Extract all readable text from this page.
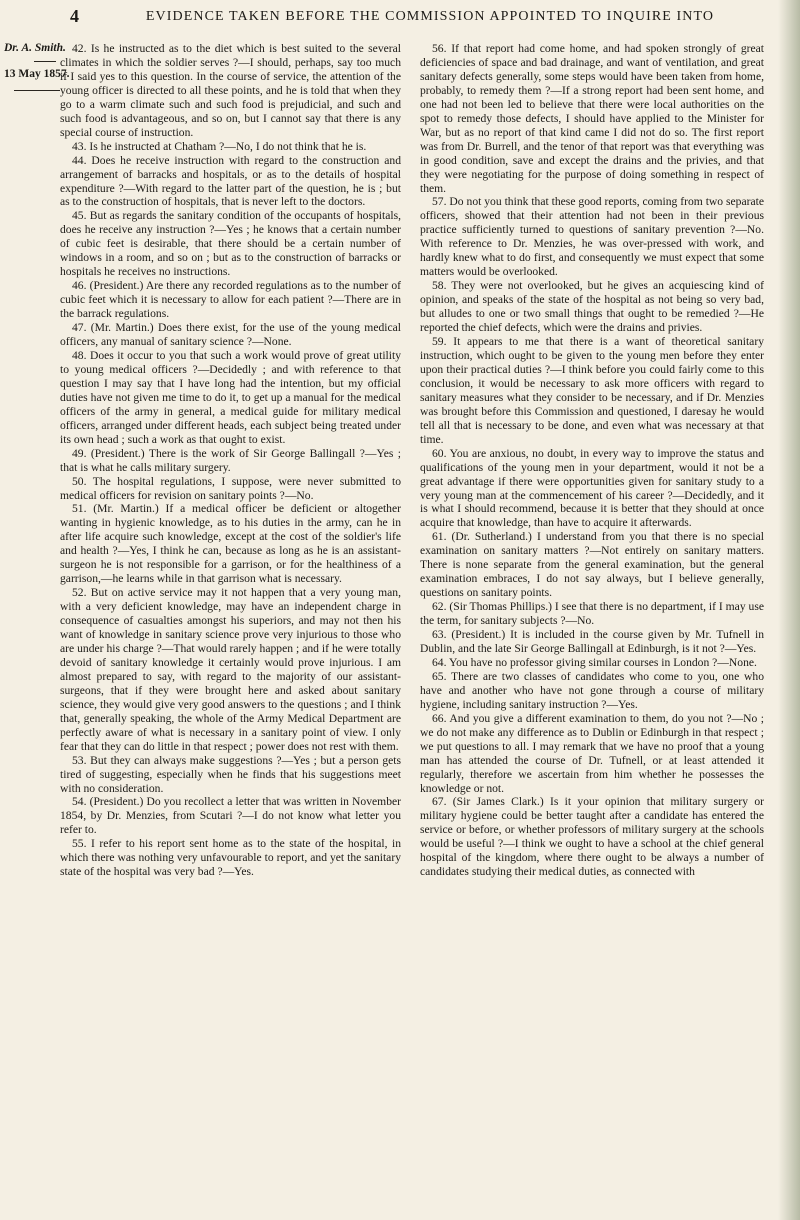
4	EVIDENCE TAKEN BEFORE THE COMMISSION APPOINTED TO INQUIRE INTO
Dr. A. Smith.
13 May 1857.

42. Is he instructed as to the diet which is best suited to the several climates in which the soldier serves ?—I should, perhaps, say too much if I said yes to this question. In the course of service, the attention of the young officer is directed to all these points, and he is told that when they go to a warm climate such and such food is prejudicial, and such and such food is advantageous, and so on, but I cannot say that there is any special course of instruction.

43. Is he instructed at Chatham ?—No, I do not think that he is.

44. Does he receive instruction with regard to the construction and arrangement of barracks and hospitals, or as to the details of hospital expenditure ?—With regard to the latter part of the question, he is ; but as to the construction of hospitals, that is never left to the doctors.

45. But as regards the sanitary condition of the occupants of hospitals, does he receive any instruction ?—Yes ; he knows that a certain number of cubic feet is desirable, that there should be a certain number of windows in a room, and so on ; but as to the construction of barracks or hospitals he receives no instructions.

46. (President.) Are there any recorded regulations as to the number of cubic feet which it is necessary to allow for each patient ?—There are in the barrack regulations.

47. (Mr. Martin.) Does there exist, for the use of the young medical officers, any manual of sanitary science ?—None.

48. Does it occur to you that such a work would prove of great utility to young medical officers ?—Decidedly ; and with reference to that question I may say that I have long had the intention, but my official duties have not given me time to do it, to get up a manual for the medical officers of the army in general, a medical guide for military medical officers, arranged under different heads, each subject being treated under its own head ; such a work as that ought to exist.

49. (President.) There is the work of Sir George Ballingall ?—Yes ; that is what he calls military surgery.

50. The hospital regulations, I suppose, were never submitted to medical officers for revision on sanitary points ?—No.

51. (Mr. Martin.) If a medical officer be deficient or altogether wanting in hygienic knowledge, as to his duties in the army, can he in after life acquire such knowledge, except at the cost of the soldier's life and health ?—Yes, I think he can, because as long as he is an assistant-surgeon he is not responsible for a garrison, or for the healthiness of a garrison,—he learns while in that garrison what is necessary.

52. But on active service may it not happen that a very young man, with a very deficient knowledge, may have an independent charge in consequence of casualties amongst his superiors, and may not then his want of knowledge in sanitary science prove very injurious to those who are under his charge ?—That would rarely happen ; and if he were totally devoid of sanitary knowledge it certainly would prove injurious. I am almost prepared to say, with regard to the majority of our assistant-surgeons, that if they were brought here and asked about sanitary science, they would give very good answers to the questions ; and I think that, generally speaking, the whole of the Army Medical Department are perfectly aware of what is necessary in a sanitary point of view. I only fear that they can do little in that respect ; power does not rest with them.

53. But they can always make suggestions ?—Yes ; but a person gets tired of suggesting, especially when he finds that his suggestions meet with no consideration.

54. (President.) Do you recollect a letter that was written in November 1854, by Dr. Menzies, from Scutari ?—I do not know what letter you refer to.

55. I refer to his report sent home as to the state of the hospital, in which there was nothing very unfavourable to report, and yet the sanitary state of the hospital was very bad ?—Yes.

56. If that report had come home, and had spoken strongly of great deficiencies of space and bad drainage, and want of ventilation, and great sanitary defects generally, some steps would have been taken from home, probably, to remedy them ?—If a strong report had been sent home, and one had not been led to believe that there were local authorities on the spot to remedy those defects, I should have applied to the Minister for War, but as no report of that kind came I did not do so. The first report was from Dr. Burrell, and the tenor of that report was that everything was in good condition, save and except the drains and the privies, and that they were negotiating for the purpose of doing something in respect of them.

57. Do not you think that these good reports, coming from two separate officers, showed that their attention had not been in their previous practice sufficiently turned to questions of sanitary prevention ?—No. With reference to Dr. Menzies, he was over-pressed with work, and hardly knew what to do first, and consequently we must expect that some matters would be overlooked.

58. They were not overlooked, but he gives an acquiescing kind of opinion, and speaks of the state of the hospital as not being so very bad, but alludes to one or two small things that ought to be remedied ?—He reported the chief defects, which were the drains and privies.

59. It appears to me that there is a want of theoretical sanitary instruction, which ought to be given to the young men before they enter upon their practical duties ?—I think before you could fairly come to this conclusion, it would be necessary to ask more officers with regard to sanitary measures what they consider to be necessary, and if Dr. Menzies was brought before this Commission and questioned, I daresay he would tell all that is necessary to be done, and even what was necessary at that time.

60. You are anxious, no doubt, in every way to improve the status and qualifications of the young men in your department, would it not be a great advantage if there were opportunities given for sanitary study to a very young man at the commencement of his career ?—Decidedly, and it is what I should recommend, because it is better that they should at once acquire that knowledge, than have to acquire it afterwards.

61. (Dr. Sutherland.) I understand from you that there is no special examination on sanitary matters ?—Not entirely on sanitary matters. There is none separate from the general examination, but the general examination embraces, I do not say always, but I believe generally, questions on sanitary points.

62. (Sir Thomas Phillips.) I see that there is no department, if I may use the term, for sanitary subjects ?—No.

63. (President.) It is included in the course given by Mr. Tufnell in Dublin, and the late Sir George Ballingall at Edinburgh, is it not ?—Yes.

64. You have no professor giving similar courses in London ?—None.

65. There are two classes of candidates who come to you, one who have and another who have not gone through a course of military hygiene, including sanitary instruction ?—Yes.

66. And you give a different examination to them, do you not ?—No ; we do not make any difference as to Dublin or Edinburgh in that respect ; we put questions to all. I may remark that we have no proof that a young man has attended the course of Dr. Tufnell, or at least attended it regularly, therefore we ascertain from him whether he possesses the knowledge or not.

67. (Sir James Clark.) Is it your opinion that military surgery or military hygiene could be better taught after a candidate has entered the service or before, or whether professors of military surgery at the schools would be useful ?—I think we ought to have a school at the chief general hospital of the kingdom, where there ought to be always a number of candidates studying their medical duties, as connected with
